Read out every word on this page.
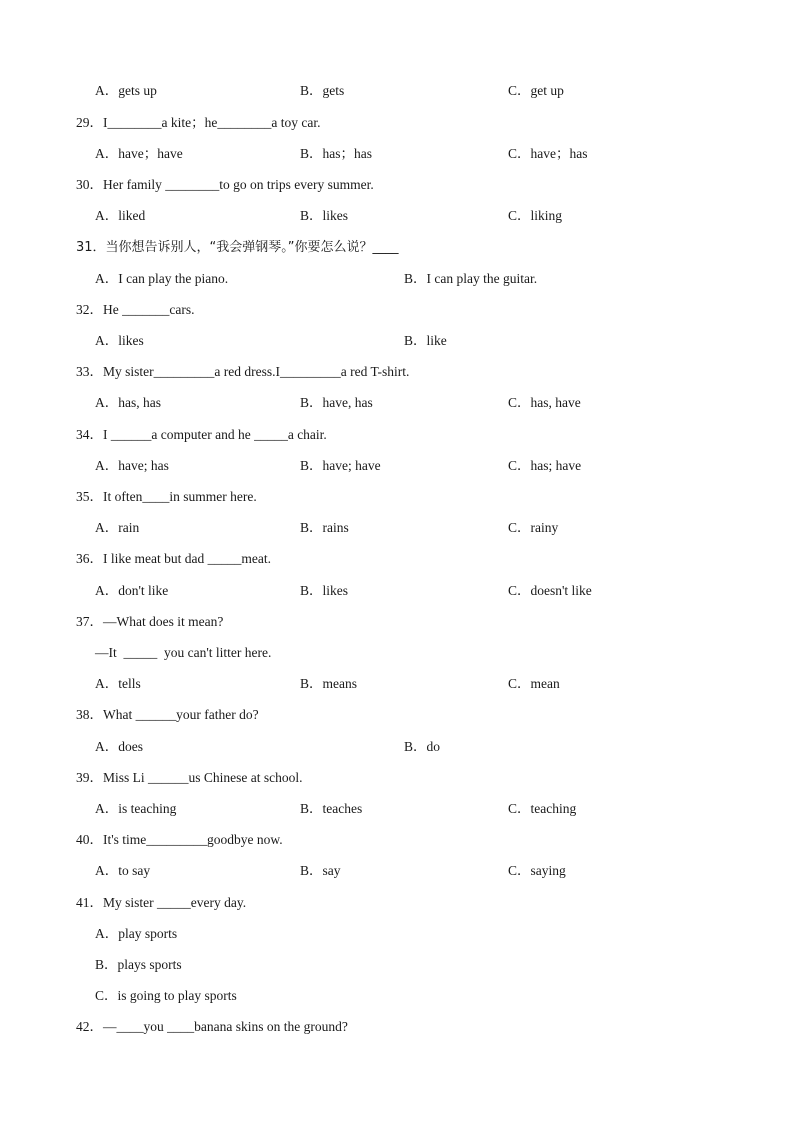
A．gets up

	B．gets

	C．get up

29．I________a kite；he________a toy car.

A．have；have

	B．has；has

	C．have；has

30．Her family ________to go on trips every summer.

A．liked

	B．likes

	C．liking

31．当你想告诉别人，“我会弹钢琴。”你要怎么说？____

A．I can play the piano.

	B．I can play the guitar.

32．He _______cars.

A．likes

	B．like

33．My sister_________a red dress.I_________a red T-shirt.

A．has, has

	B．have, has

	C．has, have

34．I ______a computer and he _____a chair.

A．have; has

	B．have; have

	C．has; have

35．It often____in summer here.

A．rain

	B．rains

	C．rainy

36．I like meat but dad _____meat.

A．don't like

	B．likes

	C．doesn't like

37．—What does it mean?

—It  _____  you can't litter here.

A．tells

	B．means

	C．mean

38．What ______your father do?

A．does

	B．do

39．Miss Li ______us Chinese at school.

A．is teaching

	B．teaches

	C．teaching

40．It's time_________goodbye now.

A．to say

	B．say

	C．saying

41．My sister _____every day.

A．play sports

B．plays sports

C．is going to play sports

42．—____you ____banana skins on the ground?
